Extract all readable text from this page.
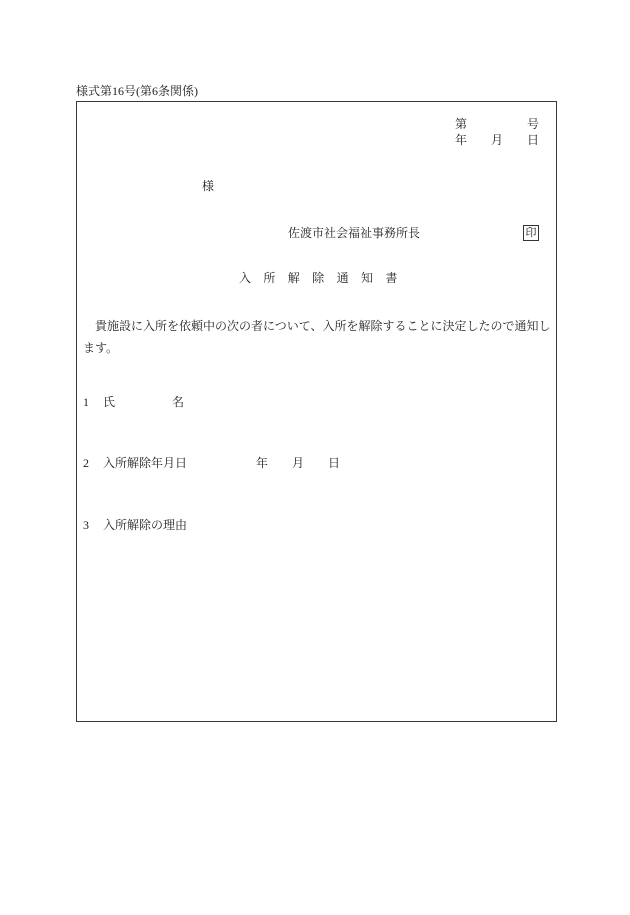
様式第16号(第6条関係)
第	号
年 月 日
様
佐渡市社会福祉事務所長	印
入所解除通知書
貴施設に入所を依頼中の次の者について、入所を解除することに決定したので通知します。
1 氏	名
2 入所解除年月日	年 月 日
3 入所解除の理由
